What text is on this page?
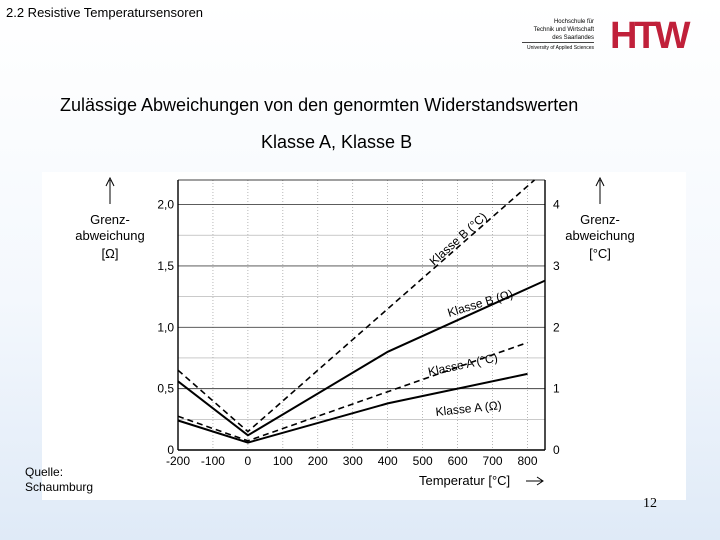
2.2 Resistive Temperatursensoren
Hochschule für
Technik und Wirtschaft
des Saarlandes
University of Applied Sciences HTW
Zulässige Abweichungen von den genormten Widerstandswerten
Klasse A, Klasse B
Klasse B (°C)
Klasse A (°C)
Klasse B (Ω)
Klasse A (Ω)
-200 -100 0 100 200 300 400 500 600 700 800
0
0,5
1,0
1,5
2,0
0
1
2
3
4
Grenz-
abweichung
[Ω]
Grenz-
abweichung
[°C]
Temperatur [°C]
Quelle:
Schaumburg
12
